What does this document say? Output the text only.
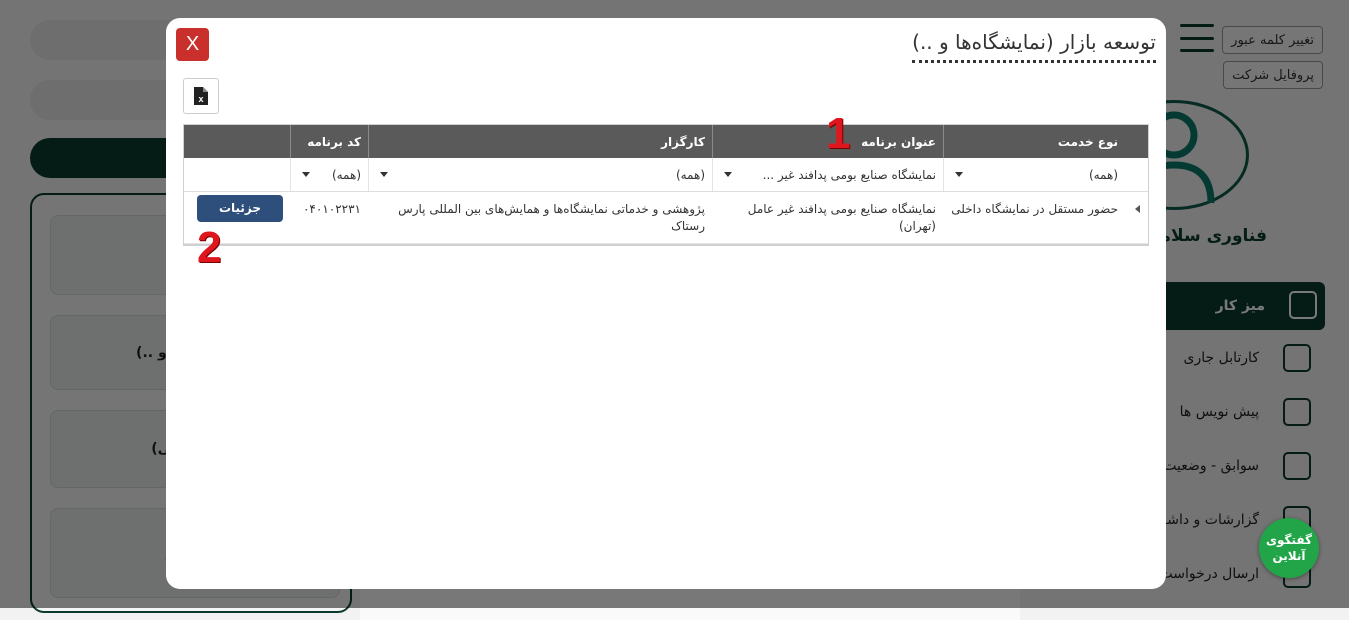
توسعه بازار (نمایشگاه‌ها و ..)
X
x
نوع خدمت
عنوان برنامه
کارگزار
کد برنامه
(همه)
نمایشگاه صنایع بومی پدافند غیر ...
(همه)
(همه)
حضور مستقل در نمایشگاه داخلی
نمایشگاه صنایع بومی پدافند غیر عامل (تهران)
پژوهشی و خدماتی نمایشگاه‌ها و همایش‌های بین المللی پارس رستاک
۰۴۰۱۰۲۲۳۱
جزئیات
1
2
گفتگوی
آنلاین
